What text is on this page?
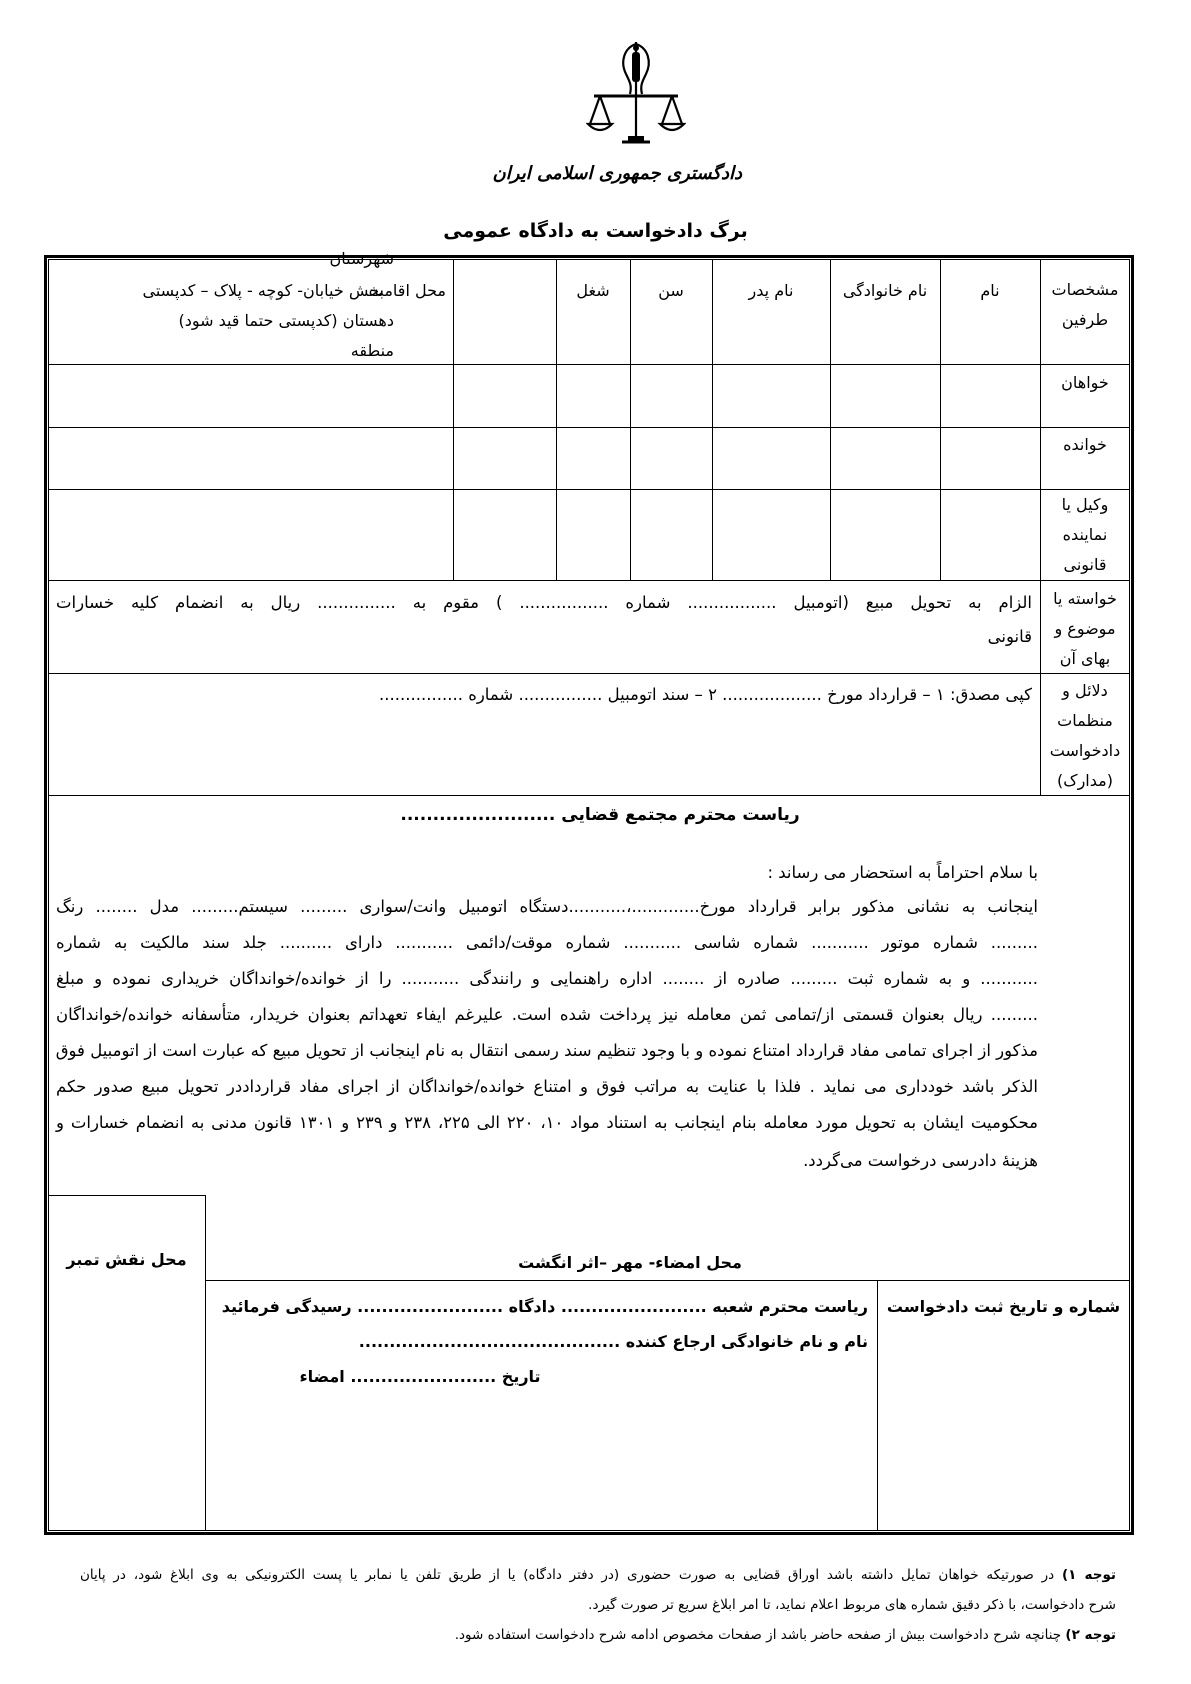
دادگستری جمهوری اسلامی ایران
برگ دادخواست به دادگاه عمومی
مشخصات
طرفین
نام
نام خانوادگی
نام پدر
سن
شغل
محل اقامت
شهرستان
بخش خیابان- کوچه - پلاک – کدپستی
دهستان (کدپستی حتما قید شود)
منطقه
خواهان
خوانده
وکیل یا
نماینده
قانونی
خواسته یا
موضوع و
بهای آن
الزام به تحویل مبیع (اتومبیل ................. شماره ................. ) مقوم به ............... ریال به انضمام کلیه خسارات
قانونی
دلائل و
منظمات
دادخواست
(مدارک)
کپی مصدق: ۱ – قرارداد مورخ ................... ۲ – سند اتومبیل ................ شماره ................
ریاست محترم مجتمع قضایی ........................
با سلام احتراماً به استحضار می رساند :
اینجانب به نشانی مذکور برابر قرارداد مورخ.............،...........دستگاه اتومبیل وانت/سواری ......... سیستم......... مدل ........ رنگ
......... شماره موتور ........... شماره شاسی ........... شماره موقت/دائمی ........... دارای .......... جلد سند مالکیت به شماره
........... و به شماره ثبت ......... صادره از ........ اداره راهنمایی و رانندگی ........... را از خوانده/خوانداگان خریداری نموده و مبلغ
......... ریال بعنوان قسمتی از/تمامی ثمن معامله نیز پرداخت شده است. علیرغم ایفاء تعهداتم بعنوان خریدار، متأسفانه خوانده/خوانداگان
مذکور از اجرای تمامی مفاد قرارداد امتناع نموده و با وجود تنظیم سند رسمی انتقال به نام اینجانب از تحویل مبیع که عبارت است از اتومبیل فوق
الذکر باشد خودداری می نماید . فلذا با عنایت به مراتب فوق و امتناع خوانده/خوانداگان از اجرای مفاد قرارداددر تحویل مبیع صدور حکم
محکومیت ایشان به تحویل مورد معامله بنام اینجانب به استناد مواد ۱۰، ۲۲۰ الی ۲۲۵، ۲۳۸ و ۲۳۹ و ۱۳۰۱ قانون مدنی به انضمام خسارات و
هزینهٔ دادرسی درخواست می‌گردد.
محل نقش تمبر	محل امضاء- مهر –اثر انگشت
شماره و تاریخ ثبت دادخواست
ریاست محترم شعبه ........................ دادگاه ........................ رسیدگی فرمائید
نام و نام خانوادگی ارجاع کننده ...........................................
تاریخ ........................ امضاء
توجه ۱) در صورتیکه خواهان تمایل داشته باشد اوراق قضایی به صورت حضوری (در دفتر دادگاه) یا از طریق تلفن یا نمابر یا پست الکترونیکی به وی ابلاغ شود، در پایان
شرح دادخواست، با ذکر دقیق شماره های مربوط اعلام نماید، تا امر ابلاغ سریع تر صورت گیرد.
توجه ۲) چنانچه شرح دادخواست بیش از صفحه حاضر باشد از صفحات مخصوص ادامه شرح دادخواست استفاده شود.
